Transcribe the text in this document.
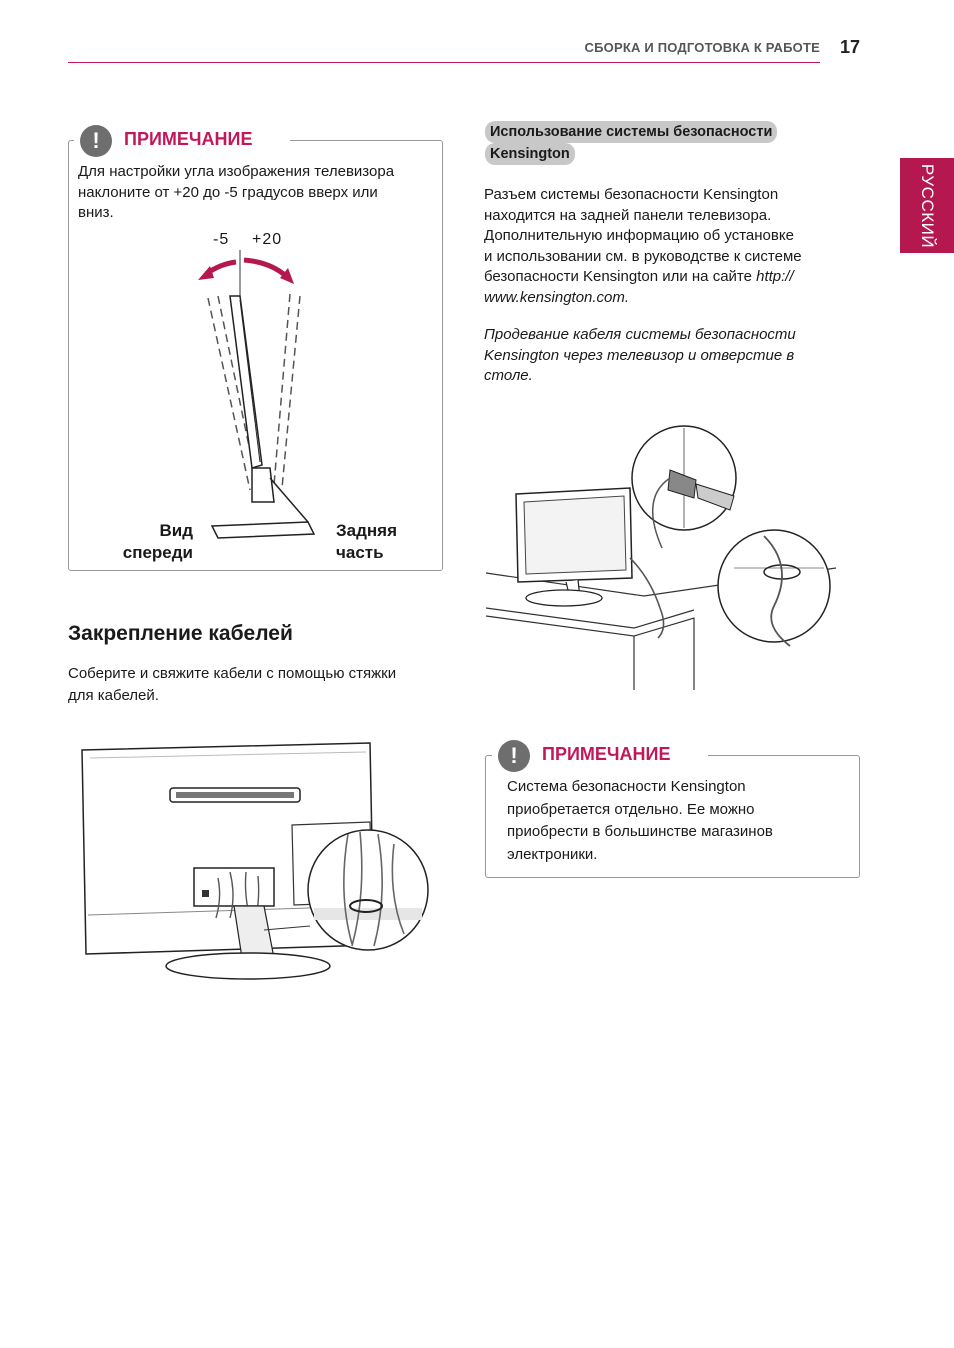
СБОРКА И ПОДГОТОВКА К РАБОТЕ 17
РУССКИЙ
!	ПРИМЕЧАНИЕ
Для настройки угла изображения телевизора
наклоните от +20 до -5 градусов вверх или
вниз.
-5 +20
Вид
спереди
Задняя
часть
Закрепление кабелей
Соберите и свяжите кабели с помощью стяжки
для кабелей.
Использование системы безопасности
Kensington
Разъем системы безопасности Kensington
находится на задней панели телевизора.
Дополнительную информацию об установке
и использовании см. в руководстве к системе
безопасности Kensington или на сайте http://
www.kensington.com.
Продевание кабеля системы безопасности
Kensington через телевизор и отверстие в
столе.
!	ПРИМЕЧАНИЕ
Система безопасности Kensington
приобретается отдельно. Ее можно
приобрести в большинстве магазинов
электроники.
